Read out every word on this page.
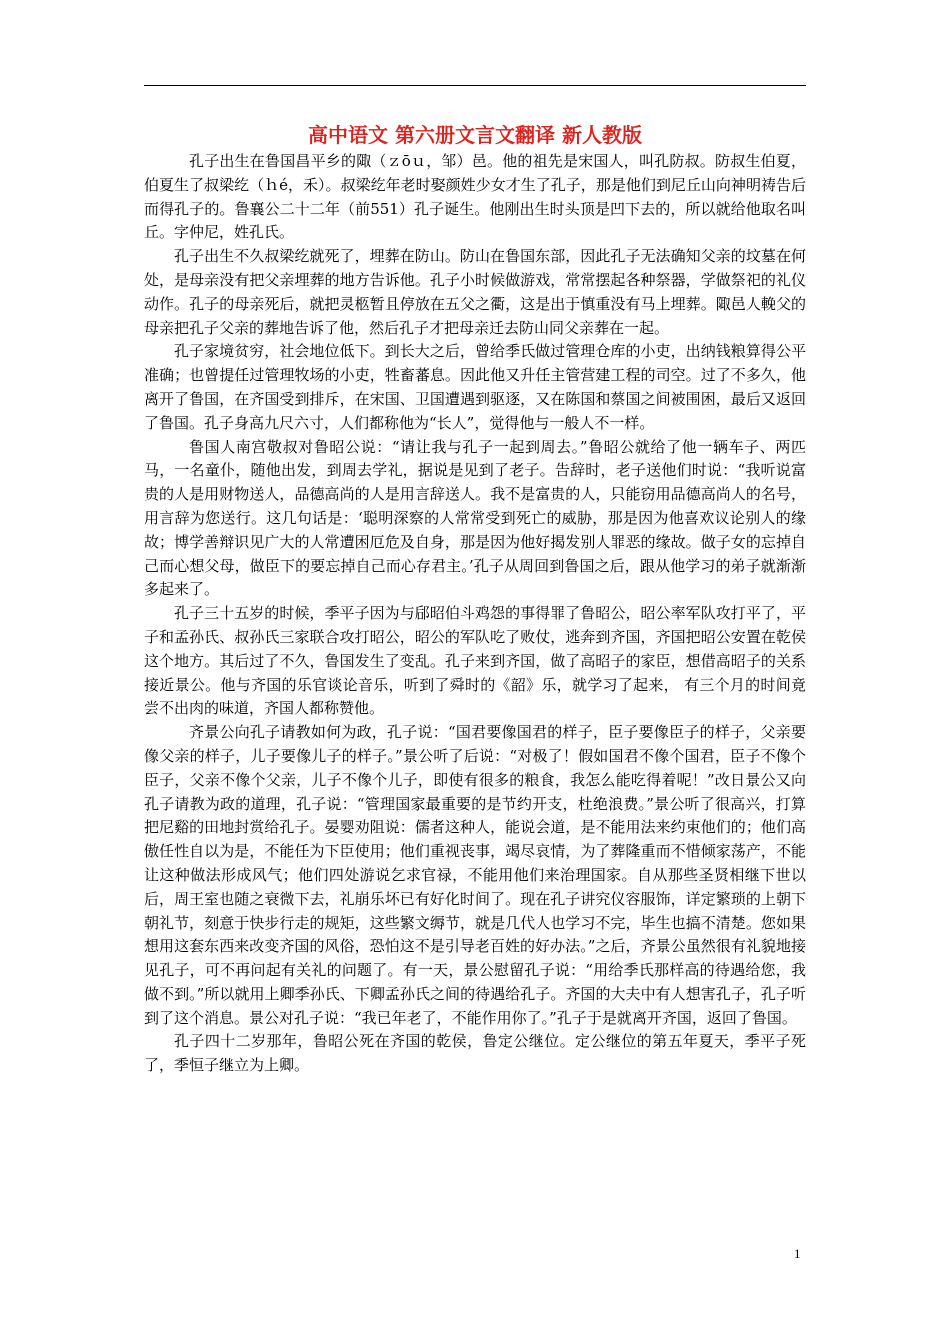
高中语文 第六册文言文翻译 新人教版

孔子出生在鲁国昌平乡的陬（ｚōｕ，邹）邑。他的祖先是宋国人，叫孔防叔。防叔生伯夏，伯夏生了叔梁纥（ｈé，禾）。叔梁纥年老时娶颜姓少女才生了孔子，那是他们到尼丘山向神明祷告后而得孔子的。鲁襄公二十二年（前551）孔子诞生。他刚出生时头顶是凹下去的，所以就给他取名叫丘。字仲尼，姓孔氏。

孔子出生不久叔梁纥就死了，埋葬在防山。防山在鲁国东部，因此孔子无法确知父亲的坟墓在何处，是母亲没有把父亲埋葬的地方告诉他。孔子小时候做游戏，常常摆起各种祭器，学做祭祀的礼仪动作。孔子的母亲死后，就把灵柩暂且停放在五父之衢，这是出于慎重没有马上埋葬。陬邑人輓父的母亲把孔子父亲的葬地告诉了他，然后孔子才把母亲迁去防山同父亲葬在一起。

孔子家境贫穷，社会地位低下。到长大之后，曾给季氏做过管理仓库的小吏，出纳钱粮算得公平准确；也曾提任过管理牧场的小吏，牲畜蕃息。因此他又升任主管营建工程的司空。过了不多久，他离开了鲁国，在齐国受到排斥，在宋国、卫国遭遇到驱逐，又在陈国和蔡国之间被围困，最后又返回了鲁国。孔子身高九尺六寸，人们都称他为“长人”，觉得他与一般人不一样。

鲁国人南宫敬叔对鲁昭公说：“请让我与孔子一起到周去。”鲁昭公就给了他一辆车子、两匹马，一名童仆，随他出发，到周去学礼，据说是见到了老子。告辞时，老子送他们时说：“我听说富贵的人是用财物送人，品德高尚的人是用言辞送人。我不是富贵的人，只能窃用品德高尚人的名号，用言辞为您送行。这几句话是：‘聪明深察的人常常受到死亡的威胁，那是因为他喜欢议论别人的缘故；博学善辩识见广大的人常遭困厄危及自身，那是因为他好揭发别人罪恶的缘故。做子女的忘掉自己而心想父母，做臣下的要忘掉自己而心存君主。’孔子从周回到鲁国之后，跟从他学习的弟子就渐渐多起来了。

孔子三十五岁的时候，季平子因为与郈昭伯斗鸡怨的事得罪了鲁昭公，昭公率军队攻打平了，平子和孟孙氏、叔孙氏三家联合攻打昭公，昭公的军队吃了败仗，逃奔到齐国，齐国把昭公安置在乾侯这个地方。其后过了不久，鲁国发生了变乱。孔子来到齐国，做了高昭子的家臣，想借高昭子的关系接近景公。他与齐国的乐官谈论音乐，听到了舜时的《韶》乐，就学习了起来， 有三个月的时间竟尝不出肉的味道，齐国人都称赞他。

齐景公向孔子请教如何为政，孔子说：“国君要像国君的样子，臣子要像臣子的样子，父亲要像父亲的样子，儿子要像儿子的样子。”景公听了后说：“对极了！假如国君不像个国君，臣子不像个臣子，父亲不像个父亲，儿子不像个儿子，即使有很多的粮食，我怎么能吃得着呢！”改日景公又向孔子请教为政的道理，孔子说：“管理国家最重要的是节约开支，杜绝浪费。”景公听了很高兴，打算把尼谿的田地封赏给孔子。晏婴劝阻说：儒者这种人，能说会道，是不能用法来约束他们的；他们高傲任性自以为是，不能任为下臣使用；他们重视丧事，竭尽哀情，为了葬隆重而不惜倾家荡产，不能让这种做法形成风气；他们四处游说乞求官禄，不能用他们来治理国家。自从那些圣贤相继下世以后，周王室也随之衰微下去，礼崩乐坏已有好化时间了。现在孔子讲究仪容服饰，详定繁琐的上朝下朝礼节，刻意于快步行走的规矩，这些繁文缛节，就是几代人也学习不完，毕生也搞不清楚。您如果想用这套东西来改变齐国的风俗，恐怕这不是引导老百姓的好办法。”之后，齐景公虽然很有礼貌地接见孔子，可不再问起有关礼的问题了。有一天，景公慰留孔子说：“用给季氏那样高的待遇给您，我做不到。”所以就用上卿季孙氏、下卿孟孙氏之间的待遇给孔子。齐国的大夫中有人想害孔子，孔子听到了这个消息。景公对孔子说：“我已年老了，不能作用你了。”孔子于是就离开齐国，返回了鲁国。

孔子四十二岁那年，鲁昭公死在齐国的乾侯，鲁定公继位。定公继位的第五年夏天，季平子死了，季恒子继立为上卿。

1
